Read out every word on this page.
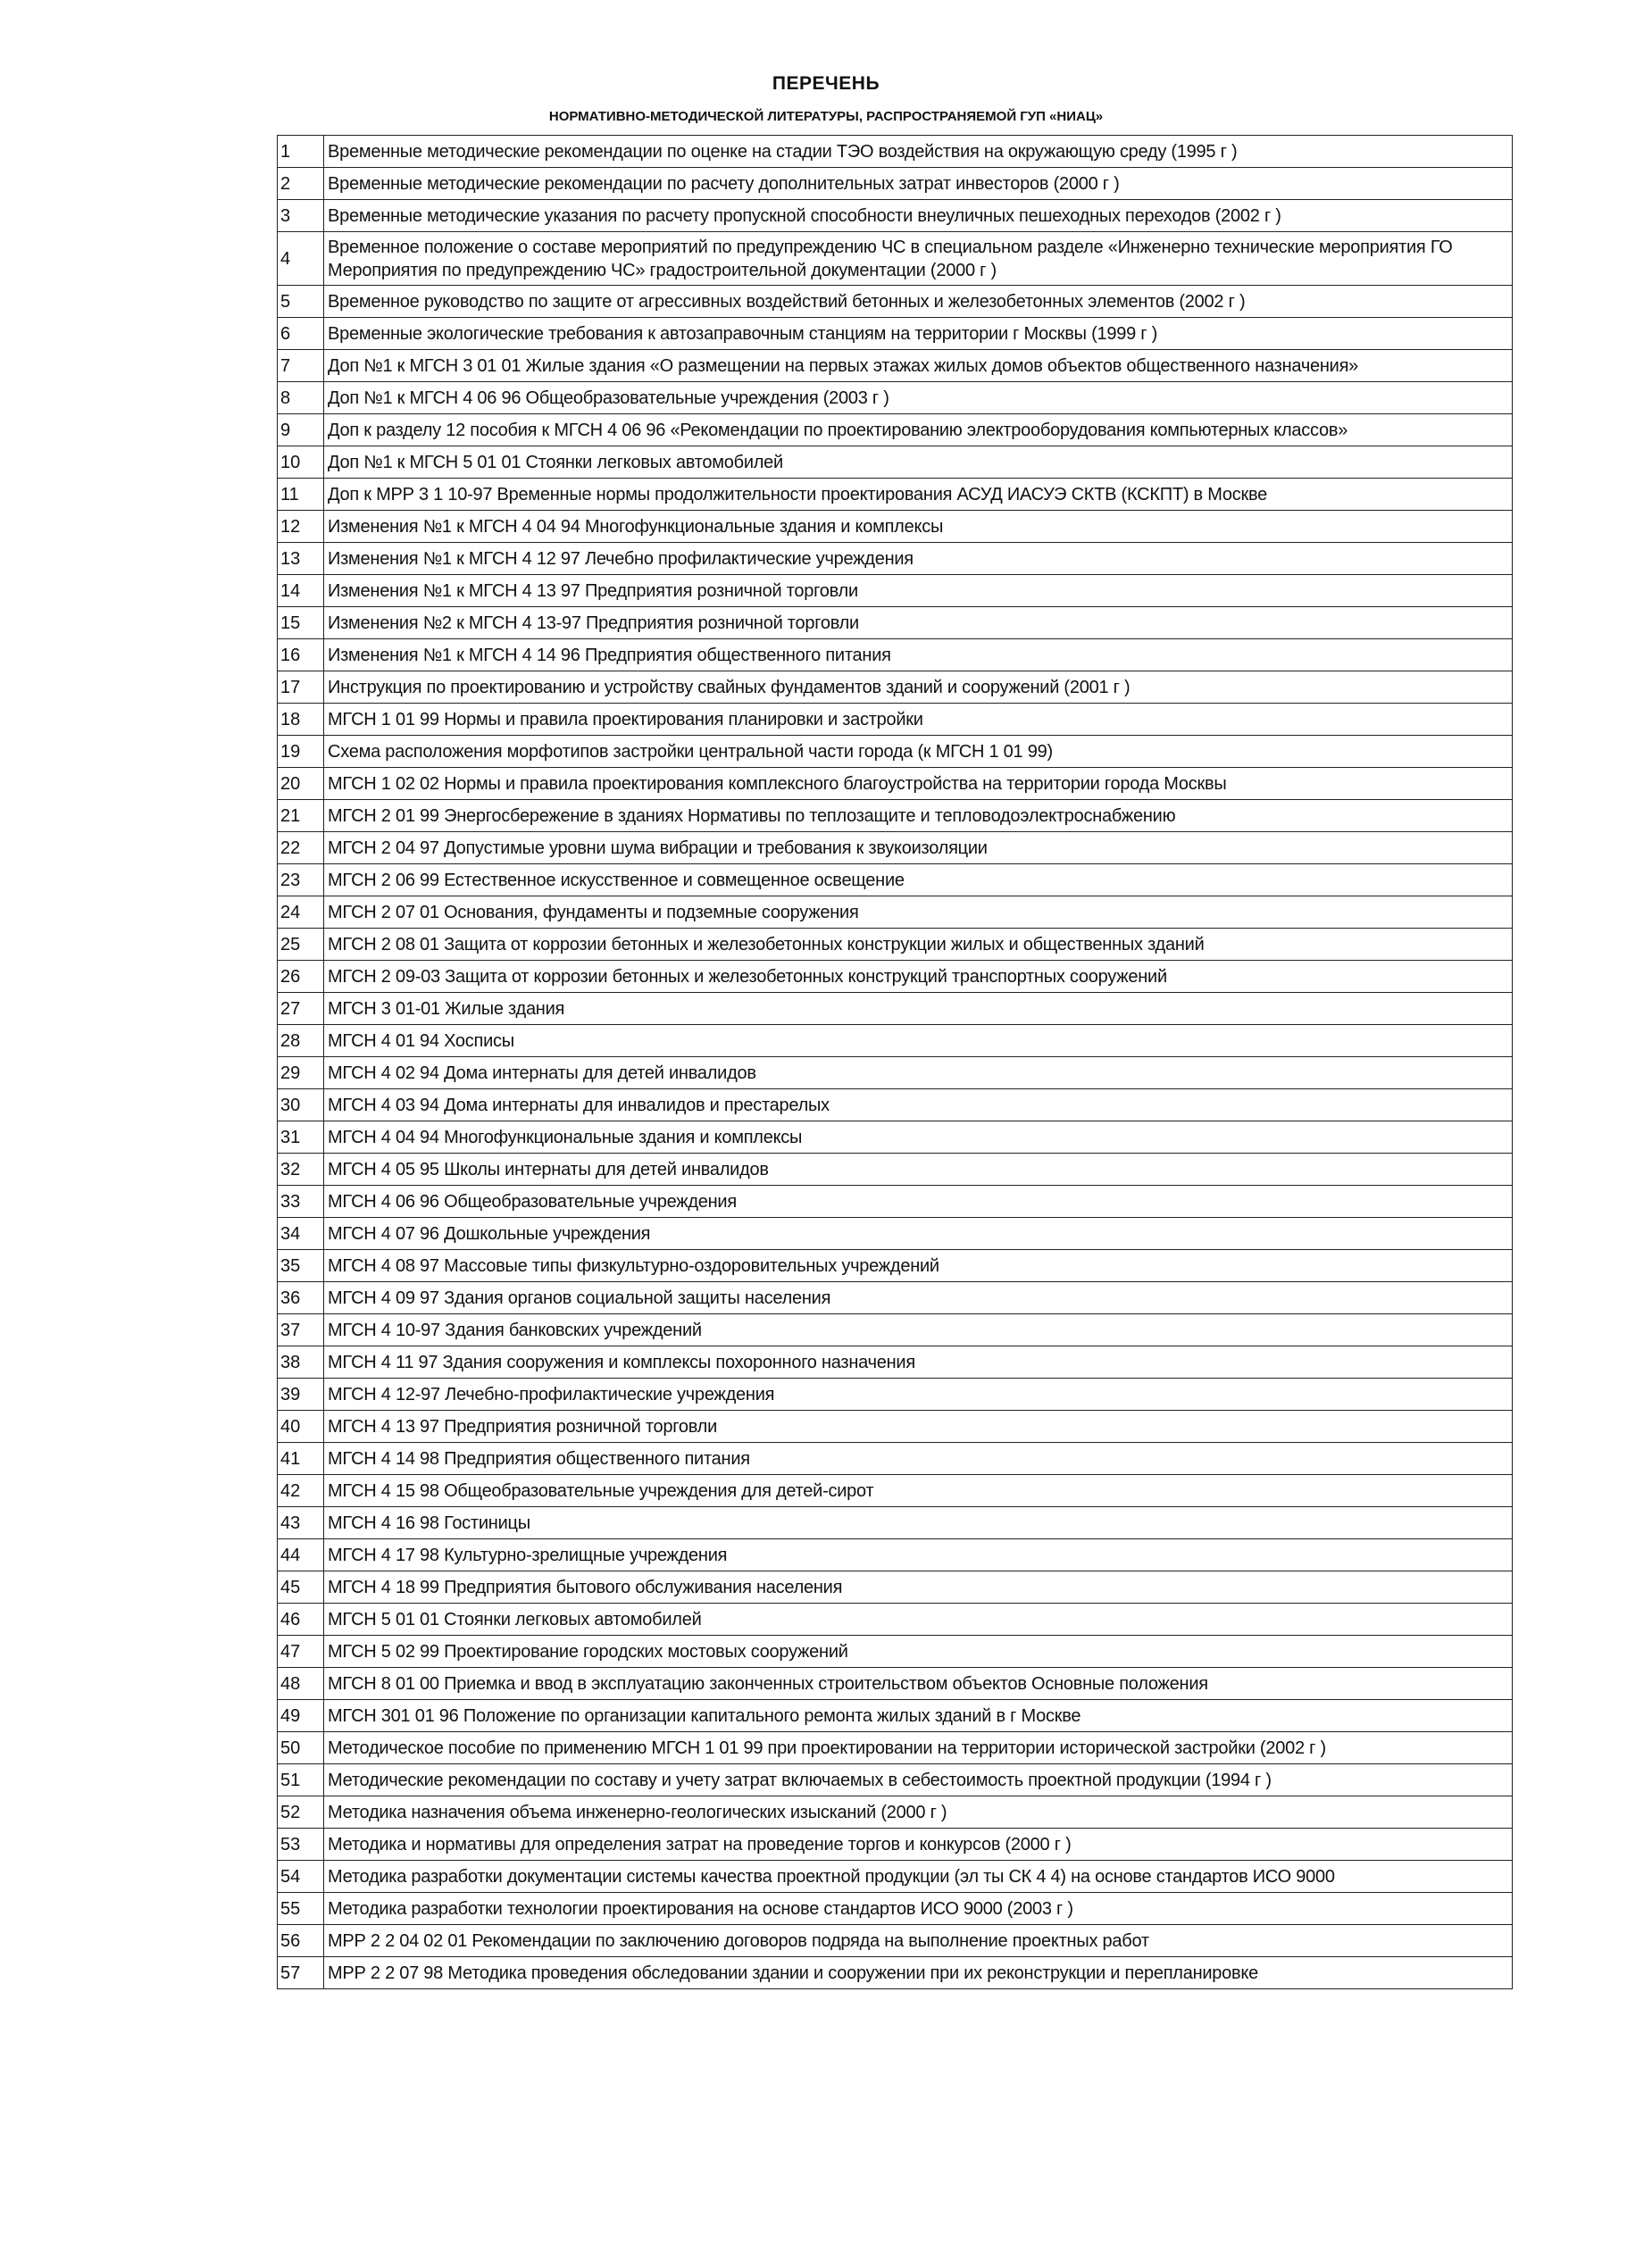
ПЕРЕЧЕНЬ
НОРМАТИВНО-МЕТОДИЧЕСКОЙ ЛИТЕРАТУРЫ, РАСПРОСТРАНЯЕМОЙ ГУП «НИАЦ»
1	Временные методические рекомендации по оценке на стадии ТЭО воздействия на окружающую среду (1995 г )
2	Временные методические рекомендации по расчету дополнительных затрат инвесторов (2000 г )
3	Временные методические указания по расчету пропускной способности внеуличных пешеходных переходов (2002 г )
4	Временное положение о составе мероприятий по предупреждению ЧС в специальном разделе «Инженерно технические мероприятия ГО Мероприятия по предупреждению ЧС» градостроительной документации (2000 г )
5	Временное руководство по защите от агрессивных воздействий бетонных и железобетонных элементов (2002 г )
6	Временные экологические требования к автозаправочным станциям на территории г Москвы (1999 г )
7	Доп №1 к МГСН 3 01 01 Жилые здания «О размещении на первых этажах жилых домов объектов общественного назначения»
8	Доп №1 к МГСН 4 06 96 Общеобразовательные учреждения (2003 г )
9	Доп к разделу 12 пособия к МГСН 4 06 96 «Рекомендации по проектированию электрооборудования компьютерных классов»
10	Доп №1 к МГСН 5 01 01 Стоянки легковых автомобилей
11	Доп к МРР 3 1 10-97 Временные нормы продолжительности проектирования АСУД ИАСУЭ СКТВ (КСКПТ) в Москве
12	Изменения №1 к МГСН 4 04 94 Многофункциональные здания и комплексы
13	Изменения №1 к МГСН 4 12 97 Лечебно профилактические учреждения
14	Изменения №1 к МГСН 4 13 97 Предприятия розничной торговли
15	Изменения №2 к МГСН 4 13-97 Предприятия розничной торговли
16	Изменения №1 к МГСН 4 14 96 Предприятия общественного питания
17	Инструкция по проектированию и устройству свайных фундаментов зданий и сооружений (2001 г )
18	МГСН 1 01 99 Нормы и правила проектирования планировки и застройки
19	Схема расположения морфотипов застройки центральной части города (к МГСН 1 01 99)
20	МГСН 1 02 02 Нормы и правила проектирования комплексного благоустройства на территории города Москвы
21	МГСН 2 01 99 Энергосбережение в зданиях Нормативы по теплозащите и тепловодоэлектроснабжению
22	МГСН 2 04 97 Допустимые уровни шума вибрации и требования к звукоизоляции
23	МГСН 2 06 99 Естественное искусственное и совмещенное освещение
24	МГСН 2 07 01 Основания, фундаменты и подземные сооружения
25	МГСН 2 08 01 Защита от коррозии бетонных и железобетонных конструкции жилых и общественных зданий
26	МГСН 2 09-03 Защита от коррозии бетонных и железобетонных конструкций транспортных сооружений
27	МГСН 3 01-01 Жилые здания
28	МГСН 4 01 94 Хосписы
29	МГСН 4 02 94 Дома интернаты для детей инвалидов
30	МГСН 4 03 94 Дома интернаты для инвалидов и престарелых
31	МГСН 4 04 94 Многофункциональные здания и комплексы
32	МГСН 4 05 95 Школы интернаты для детей инвалидов
33	МГСН 4 06 96 Общеобразовательные учреждения
34	МГСН 4 07 96 Дошкольные учреждения
35	МГСН 4 08 97 Массовые типы физкультурно-оздоровительных учреждений
36	МГСН 4 09 97 Здания органов социальной защиты населения
37	МГСН 4 10-97 Здания банковских учреждений
38	МГСН 4 11 97 Здания сооружения и комплексы похоронного назначения
39	МГСН 4 12-97 Лечебно-профилактические учреждения
40	МГСН 4 13 97 Предприятия розничной торговли
41	МГСН 4 14 98 Предприятия общественного питания
42	МГСН 4 15 98 Общеобразовательные учреждения для детей-сирот
43	МГСН 4 16 98 Гостиницы
44	МГСН 4 17 98 Культурно-зрелищные учреждения
45	МГСН 4 18 99 Предприятия бытового обслуживания населения
46	МГСН 5 01 01 Стоянки легковых автомобилей
47	МГСН 5 02 99 Проектирование городских мостовых сооружений
48	МГСН 8 01 00 Приемка и ввод в эксплуатацию законченных строительством объектов Основные положения
49	МГСН 301 01 96 Положение по организации капитального ремонта жилых зданий в г Москве
50	Методическое пособие по применению МГСН 1 01 99 при проектировании на территории исторической застройки (2002 г )
51	Методические рекомендации по составу и учету затрат включаемых в себестоимость проектной продукции (1994 г )
52	Методика назначения объема инженерно-геологических изысканий (2000 г )
53	Методика и нормативы для определения затрат на проведение торгов и конкурсов (2000 г )
54	Методика разработки документации системы качества проектной продукции (эл ты СК 4 4) на основе стандартов ИСО 9000
55	Методика разработки технологии проектирования на основе стандартов ИСО 9000 (2003 г )
56	МРР 2 2 04 02 01 Рекомендации по заключению договоров подряда на выполнение проектных работ
57	МРР 2 2 07 98 Методика проведения обследовании здании и сооружении при их реконструкции и перепланировке
